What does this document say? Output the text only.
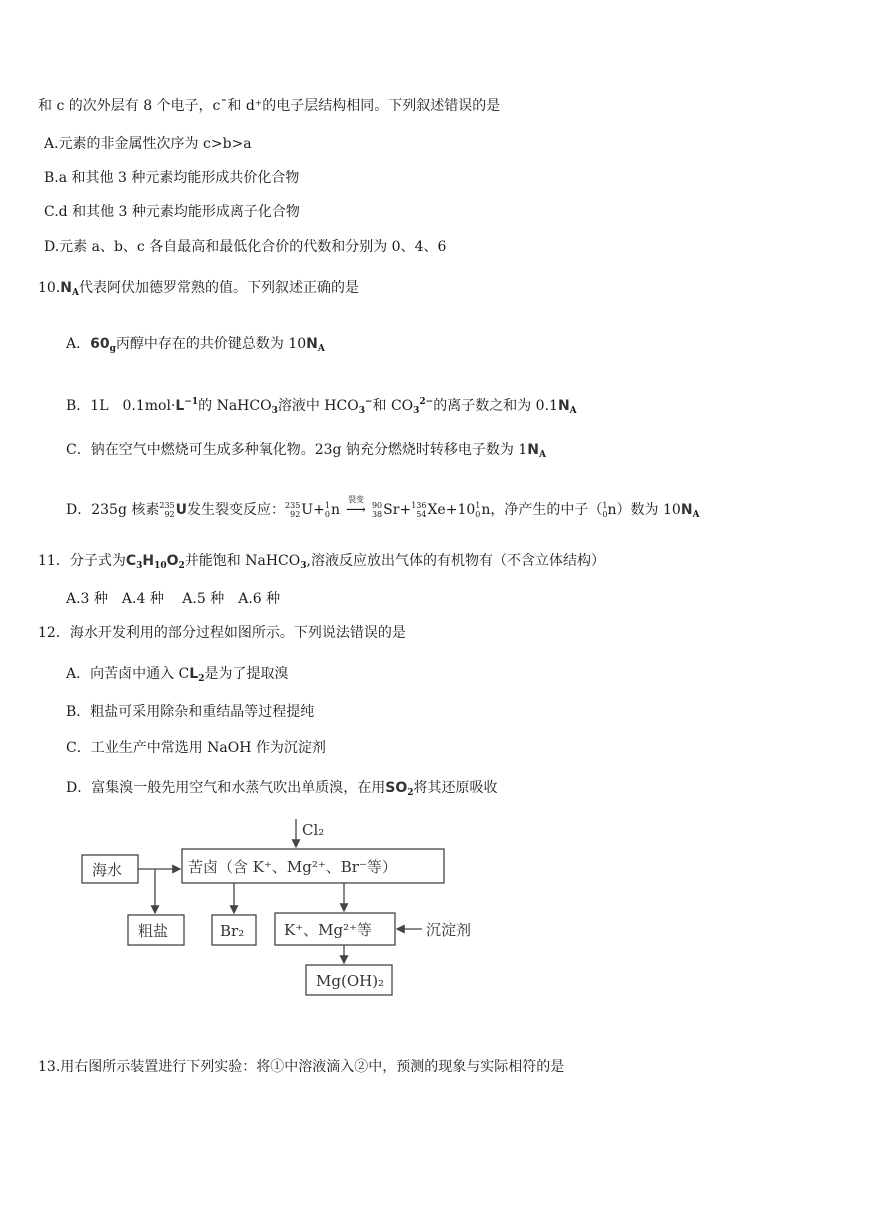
和 c 的次外层有 8 个电子，c¯和 d⁺的电子层结构相同。下列叙述错误的是
A.元素的非金属性次序为 c>b>a
B.a 和其他 3 种元素均能形成共价化合物
C.d 和其他 3 种元素均能形成离子化合物
D.元素 a、b、c 各自最高和最低化合价的代数和分别为 0、4、6
$10.N_A$代表阿伏加德罗常熟的值。下列叙述正确的是
A．$60_g$丙醇中存在的共价键总数为 $10N_A$
B．1L　$0.1mol\cdot L^{-1}$的 NaHCO$_3$溶液中 $HCO_3^-$和 $CO_3^{2-}$的离子数之和为 $0.1N_A$
C．钠在空气中燃烧可生成多种氧化物。23g 钠充分燃烧时转移电子数为 $1N_A$
D．235g 核素235
92U发生裂变反应：235
92U+1
0n
裂变
⟶ 90
38Sr+136
54Xe+101
0n，净产生的中子（1
0n）数为 $10N_A$
11．分子式为$C_3H_{10}O_2$并能饱和 NaHCO$_3$,溶液反应放出气体的有机物有（不含立体结构）
A.3 种　A.4 种　 A.5 种　A.6 种
12．海水开发利用的部分过程如图所示。下列说法错误的是
A．向苦卤中通入 $CL_2$是为了提取溴
B．粗盐可采用除杂和重结晶等过程提纯
C．工业生产中常选用 NaOH 作为沉淀剂
D．富集溴一般先用空气和水蒸气吹出单质溴，在用$SO_2$将其还原吸收
海水	苦卤（含 K⁺、Mg²⁺、Br⁻等）
Cl₂
粗盐	Br₂	K⁺、Mg²⁺等	沉淀剂
Mg(OH)₂
13.用右图所示装置进行下列实验：将①中溶液滴入②中，预测的现象与实际相符的是
